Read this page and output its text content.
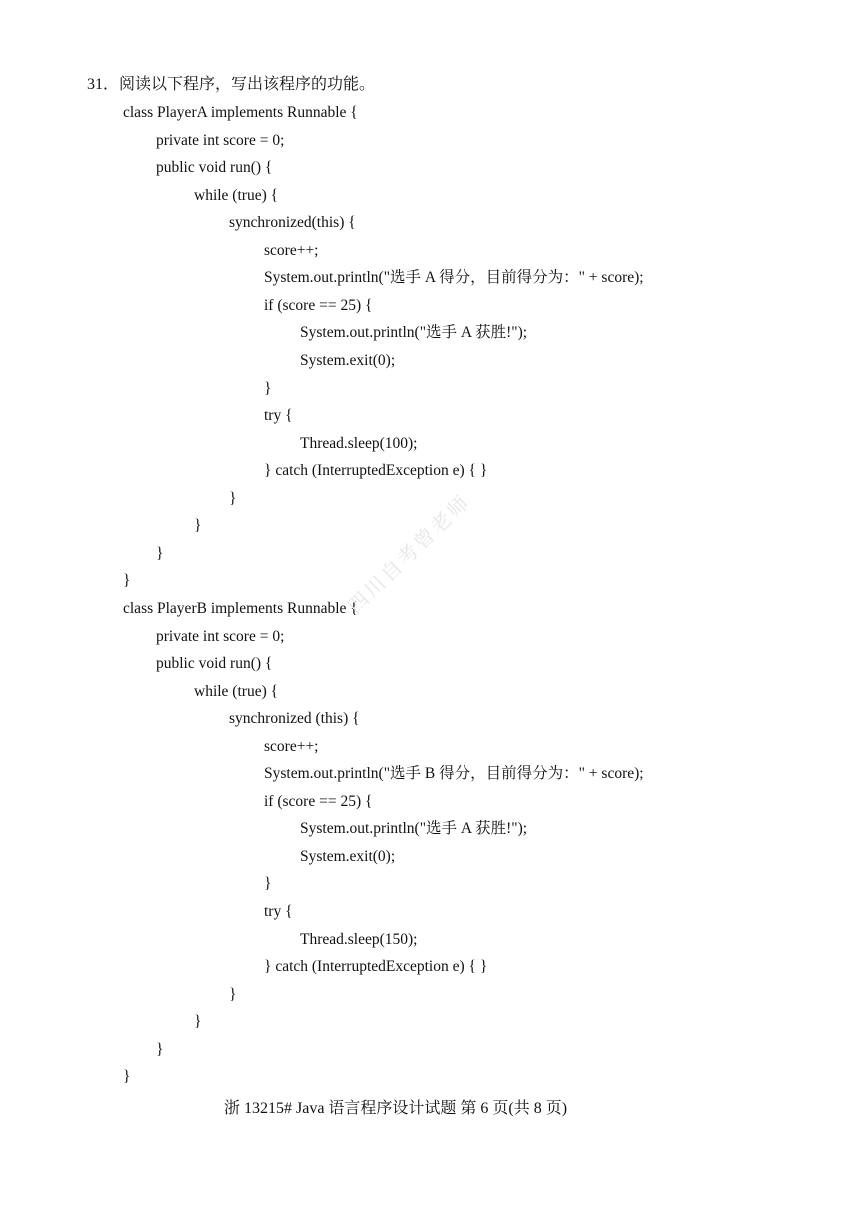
31．阅读以下程序，写出该程序的功能。
class PlayerA implements Runnable {
private int score = 0;
public void run() {
while (true) {
synchronized(this) {
score++;
System.out.println("选手 A 得分，目前得分为：" + score);
if (score == 25) {
System.out.println("选手 A 获胜!");
System.exit(0);
}
try {
Thread.sleep(100);
} catch (InterruptedException e) { }
}
}
}
}
class PlayerB implements Runnable {
private int score = 0;
public void run() {
while (true) {
synchronized (this) {
score++;
System.out.println("选手 B 得分，目前得分为：" + score);
if (score == 25) {
System.out.println("选手 A 获胜!");
System.exit(0);
}
try {
Thread.sleep(150);
} catch (InterruptedException e) { }
}
}
}
}
四川自考曾老师
浙 13215# Java 语言程序设计试题 第 6 页(共 8 页)
